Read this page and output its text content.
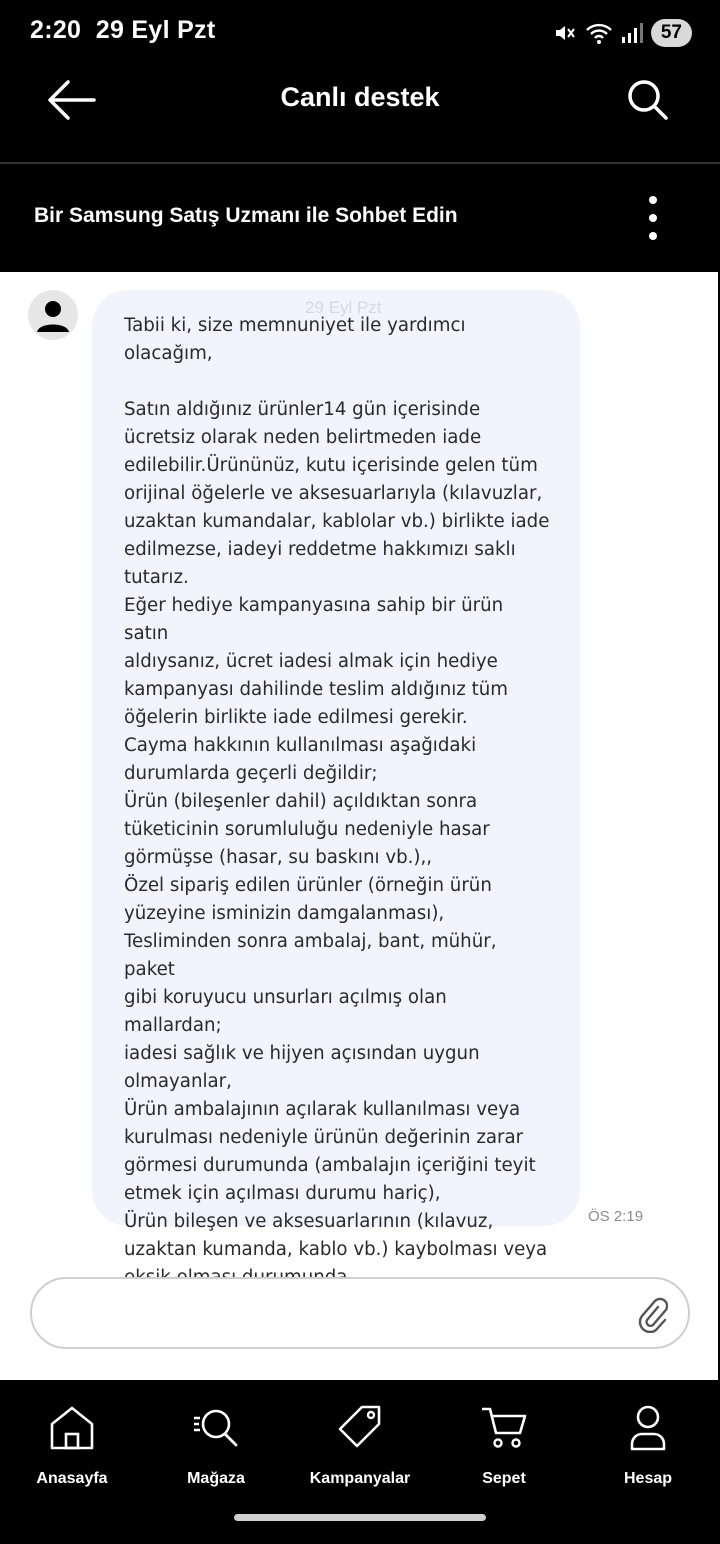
2:20 29 Eyl Pzt	57
Canlı destek
Bir Samsung Satış Uzmanı ile Sohbet Edin
Tabii ki, size memnuniyet ile yardımcı
olacağım,

Satın aldığınız ürünler14 gün içerisinde
ücretsiz olarak neden belirtmeden iade
edilebilir.Ürününüz, kutu içerisinde gelen tüm
orijinal öğelerle ve aksesuarlarıyla (kılavuzlar,
uzaktan kumandalar, kablolar vb.) birlikte iade
edilmezse, iadeyi reddetme hakkımızı saklı
tutarız.
Eğer hediye kampanyasına sahip bir ürün satın
aldıysanız, ücret iadesi almak için hediye
kampanyası dahilinde teslim aldığınız tüm
öğelerin birlikte iade edilmesi gerekir.
Cayma hakkının kullanılması aşağıdaki
durumlarda geçerli değildir;
Ürün (bileşenler dahil) açıldıktan sonra
tüketicinin sorumluluğu nedeniyle hasar
görmüşse (hasar, su baskını vb.),,
Özel sipariş edilen ürünler (örneğin ürün
yüzeyine isminizin damgalanması),
Tesliminden sonra ambalaj, bant, mühür, paket
gibi koruyucu unsurları açılmış olan mallardan;
iadesi sağlık ve hijyen açısından uygun
olmayanlar,
Ürün ambalajının açılarak kullanılması veya
kurulması nedeniyle ürünün değerinin zarar
görmesi durumunda (ambalajın içeriğini teyit
etmek için açılması durumu hariç),
Ürün bileşen ve aksesuarlarının (kılavuz,
uzaktan kumanda, kablo vb.) kaybolması veya

29 Eyl Pzt
ÖS 2:19
Anasayfa	Mağaza	Kampanyalar	Sepet	Hesap
